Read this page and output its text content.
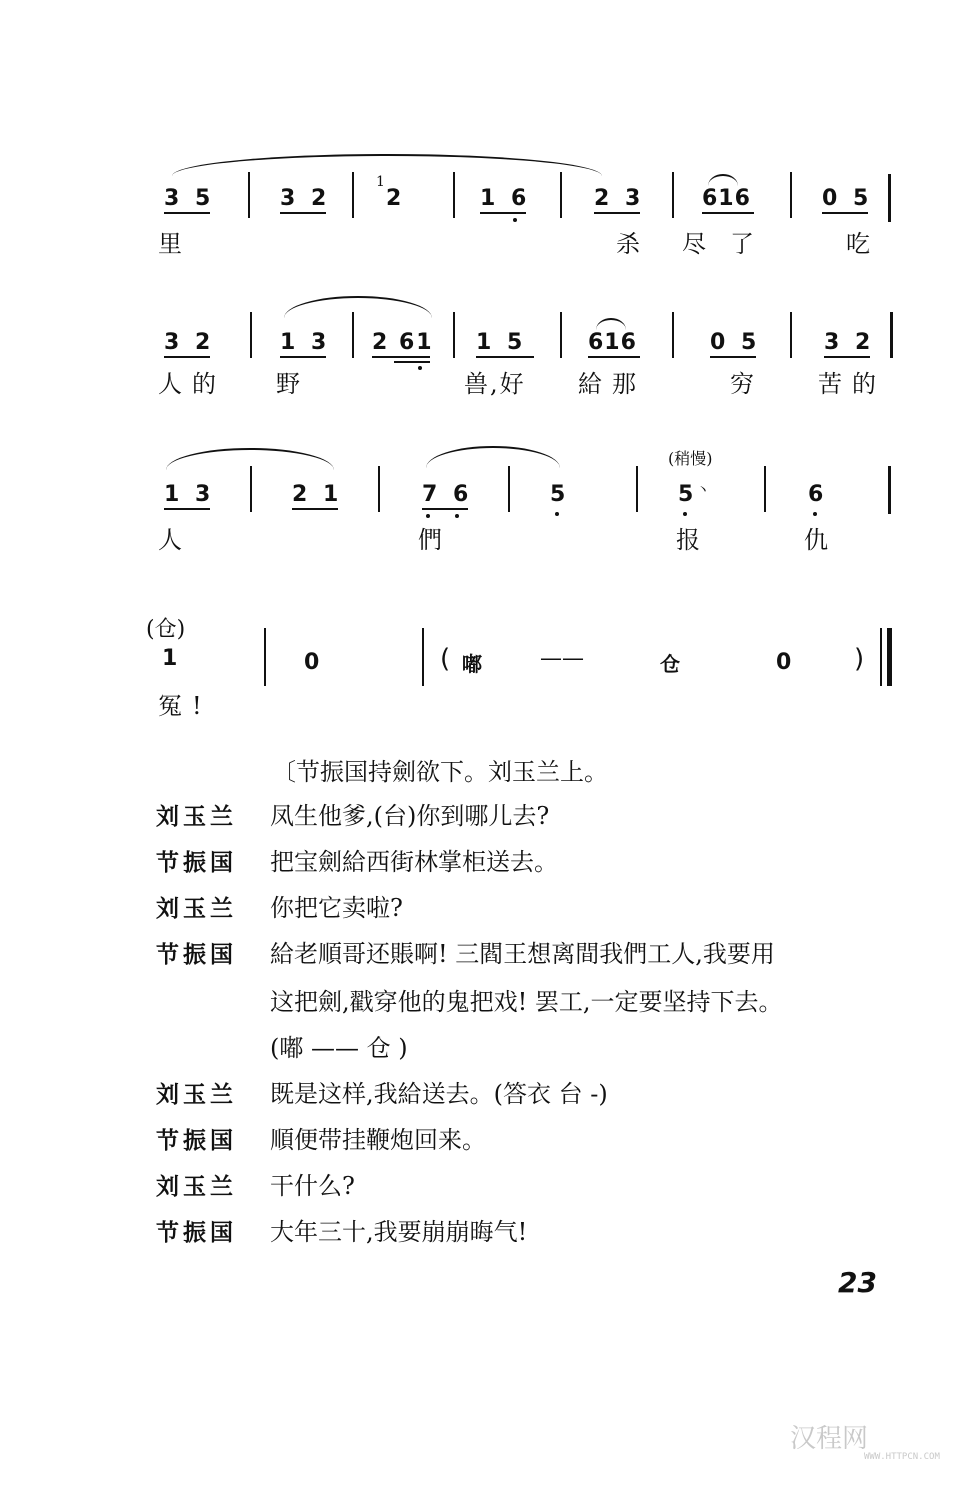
3 5	3 2
1
2	1 6	2 3	616	0 5
里	杀 尽 了	吃
3 2	1 3 2 61 1 5	616	0 5	3 2
人的 野	兽,好 給那	穷 苦的
(稍慢)
1 3	2 1	7 6	5	5
丶	6
人	們	报	仇
(仓)
1	0	( 嘟 ——	仓	0 )
冤!
〔节振国持劍欲下。刘玉兰上。
刘玉兰 凤生他爹,(台)你到哪儿去?
节振国 把宝劍給西街林掌柜送去。
刘玉兰 你把它卖啦?
节振国 給老順哥还賬啊! 三閻王想离間我們工人,我要用
这把劍,戳穿他的鬼把戏! 罢工,一定要坚持下去。
(嘟 —— 仓 )
刘玉兰 既是这样,我給送去。(答衣 台 -)
节振国 順便带挂鞭炮回来。
刘玉兰 干什么?
节振国 大年三十,我要崩崩晦气!
23
汉程网
WWW.HTTPCN.COM
